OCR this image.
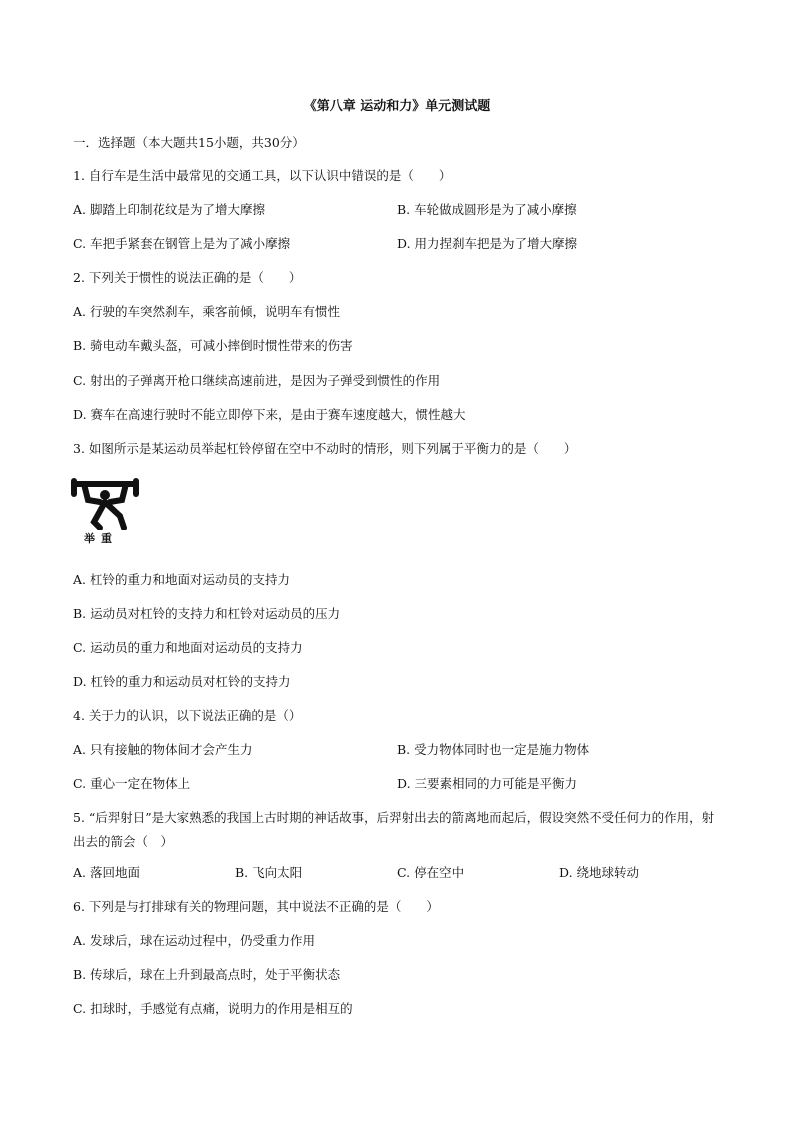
《第八章 运动和力》单元测试题
一．选择题（本大题共15小题，共30分）
1. 自行车是生活中最常见的交通工具，以下认识中错误的是（　　）
A. 脚踏上印制花纹是为了增大摩擦	B. 车轮做成圆形是为了减小摩擦
C. 车把手紧套在钢管上是为了减小摩擦	D. 用力捏刹车把是为了增大摩擦
2. 下列关于惯性的说法正确的是（　　）
A. 行驶的车突然刹车，乘客前倾，说明车有惯性
B. 骑电动车戴头盔，可减小摔倒时惯性带来的伤害
C. 射出的子弹离开枪口继续高速前进，是因为子弹受到惯性的作用
D. 赛车在高速行驶时不能立即停下来，是由于赛车速度越大，惯性越大
3. 如图所示是某运动员举起杠铃停留在空中不动时的情形，则下列属于平衡力的是（　　）
举重
A. 杠铃的重力和地面对运动员的支持力
B. 运动员对杠铃的支持力和杠铃对运动员的压力
C. 运动员的重力和地面对运动员的支持力
D. 杠铃的重力和运动员对杠铃的支持力
4. 关于力的认识，以下说法正确的是（）
A. 只有接触的物体间才会产生力	B. 受力物体同时也一定是施力物体
C. 重心一定在物体上	D. 三要素相同的力可能是平衡力
5. “后羿射日”是大家熟悉的我国上古时期的神话故事，后羿射出去的箭离地而起后，假设突然不受任何力的作用，射出去的箭会（　）
A. 落回地面	B. 飞向太阳	C. 停在空中	D. 绕地球转动
6. 下列是与打排球有关的物理问题，其中说法不正确的是（　　）
A. 发球后，球在运动过程中，仍受重力作用
B. 传球后，球在上升到最高点时，处于平衡状态
C. 扣球时，手感觉有点痛，说明力的作用是相互的
